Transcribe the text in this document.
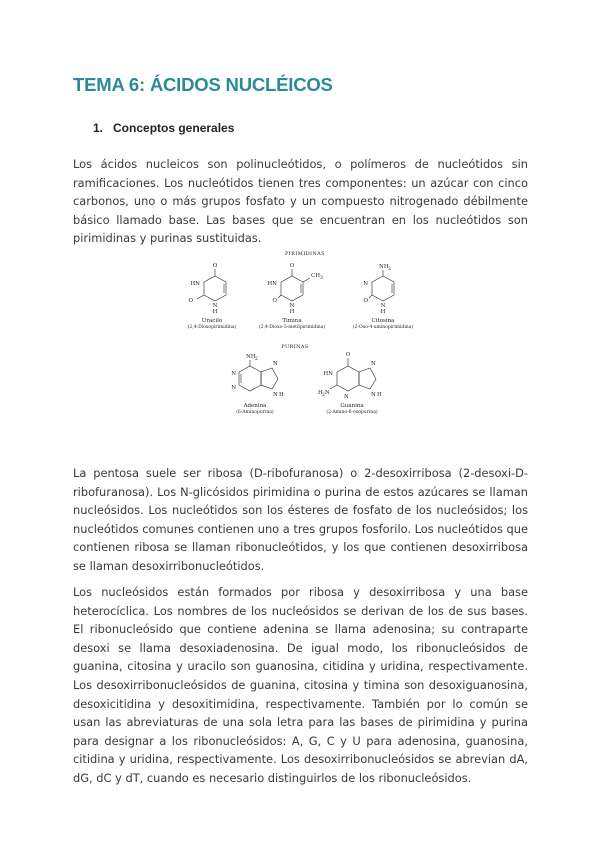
TEMA 6: ÁCIDOS NUCLÉICOS
1. Conceptos generales
Los ácidos nucleicos son polinucleótidos, o polímeros de nucleótidos sin ramificaciones. Los nucleótidos tienen tres componentes: un azúcar con cinco carbonos, uno o más grupos fosfato y un compuesto nitrogenado débilmente básico llamado base. Las bases que se encuentran en los nucleótidos son pirimidinas y purinas sustituidas.
PIRIMIDINAS
O
HN
O
N
H
Uracilo
(2,4-Dioxopirimidina)
O
CH 3
HN
O
N
H
Timina
(2,4-Dioxo-5-metilpirimidina)
NH 2
N
O
N
H
Citosina
(2-Oxo-4-aminopirimidina)
PURINAS
NH 2
N
N
N
N H
Adenina
(6-Aminopurina)
O
HN
H 2 N
N
N
N H
Guanina
(2-Amino-6-oxopurina)
La pentosa suele ser ribosa (D-ribofuranosa) o 2-desoxirribosa (2-desoxi-D-ribofuranosa). Los N-glicósidos pirimidina o purina de estos azúcares se llaman nucleósidos. Los nucleótidos son los ésteres de fosfato de los nucleósidos; los nucleótidos comunes contienen uno a tres grupos fosforilo. Los nucleótidos que contienen ribosa se llaman ribonucleótidos, y los que contienen desoxirribosa se llaman desoxirribonucleótidos.
Los nucleósidos están formados por ribosa y desoxirribosa y una base heterocíclica. Los nombres de los nucleósidos se derivan de los de sus bases. El ribonucleósido que contiene adenina se llama adenosina; su contraparte desoxi se llama desoxiadenosina. De igual modo, los ribonucleósidos de guanina, citosina y uracilo son guanosina, citidina y uridina, respectivamente. Los desoxirribonucleósidos de guanina, citosina y timina son desoxiguanosina, desoxicitidina y desoxitimidina, respectivamente. También por lo común se usan las abreviaturas de una sola letra para las bases de pirimidina y purina para designar a los ribonucleósidos: A, G, C y U para adenosina, guanosina, citidina y uridina, respectivamente. Los desoxirribonucleósidos se abrevian dA, dG, dC y dT, cuando es necesario distinguirlos de los ribonucleósidos.
